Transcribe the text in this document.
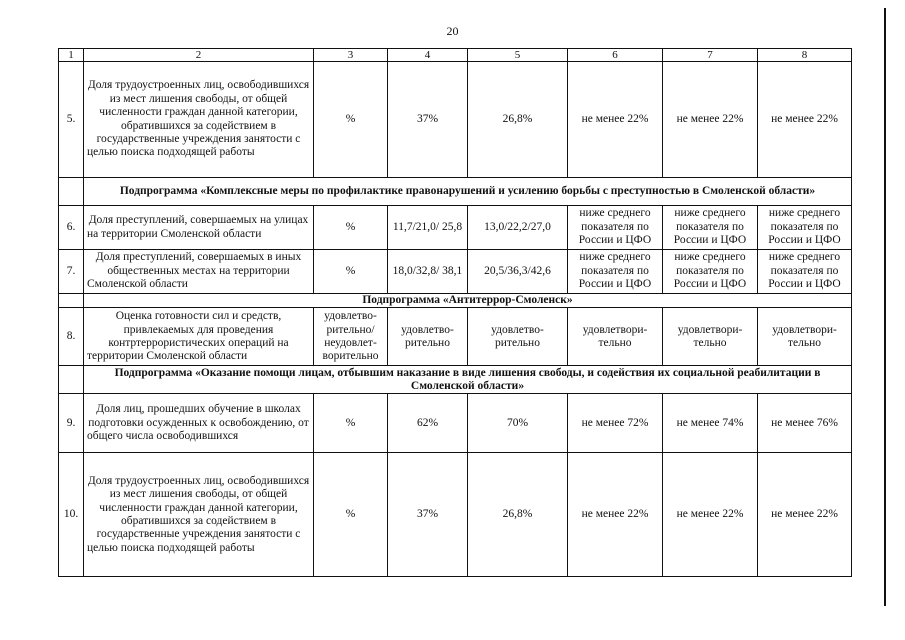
20
1	2	3	4	5	6	7	8
5.	Доля трудоустроенных лиц, освободившихся из мест лишения свободы, от общей численности граждан данной категории, обратившихся за содействием в государственные учреждения занятости с целью поиска подходящей работы	%	37%	26,8%	не менее 22%	не менее 22%	не менее 22%
	Подпрограмма «Комплексные меры по профилактике правонарушений и усилению борьбы с преступностью в Смоленской области»						
6.	Доля преступлений, совершаемых на улицах на территории Смоленской области	%	11,7/21,0/ 25,8	13,0/22,2/27,0	ниже среднего показателя по России и ЦФО	ниже среднего показателя по России и ЦФО	ниже среднего показателя по России и ЦФО
7.	Доля преступлений, совершаемых в иных общественных местах на территории Смоленской области	%	18,0/32,8/ 38,1	20,5/36,3/42,6	ниже среднего показателя по России и ЦФО	ниже среднего показателя по России и ЦФО	ниже среднего показателя по России и ЦФО
	Подпрограмма «Антитеррор-Смоленск»						
8.	Оценка готовности сил и средств, привлекаемых для проведения контртеррористических операций на территории Смоленской области	удовлетво-рительно/ неудовлет-ворительно	удовлетво-рительно	удовлетво-рительно	удовлетвори-тельно	удовлетвори-тельно	удовлетвори-тельно
	Подпрограмма «Оказание помощи лицам, отбывшим наказание в виде лишения свободы, и содействия их социальной реабилитации в Смоленской области»						
9.	Доля лиц, прошедших обучение в школах подготовки осужденных к освобождению, от общего числа освободившихся	%	62%	70%	не менее 72%	не менее 74%	не менее 76%
10.	Доля трудоустроенных лиц, освободившихся из мест лишения свободы, от общей численности граждан данной категории, обратившихся за содействием в государственные учреждения занятости с целью поиска подходящей работы	%	37%	26,8%	не менее 22%	не менее 22%	не менее 22%
